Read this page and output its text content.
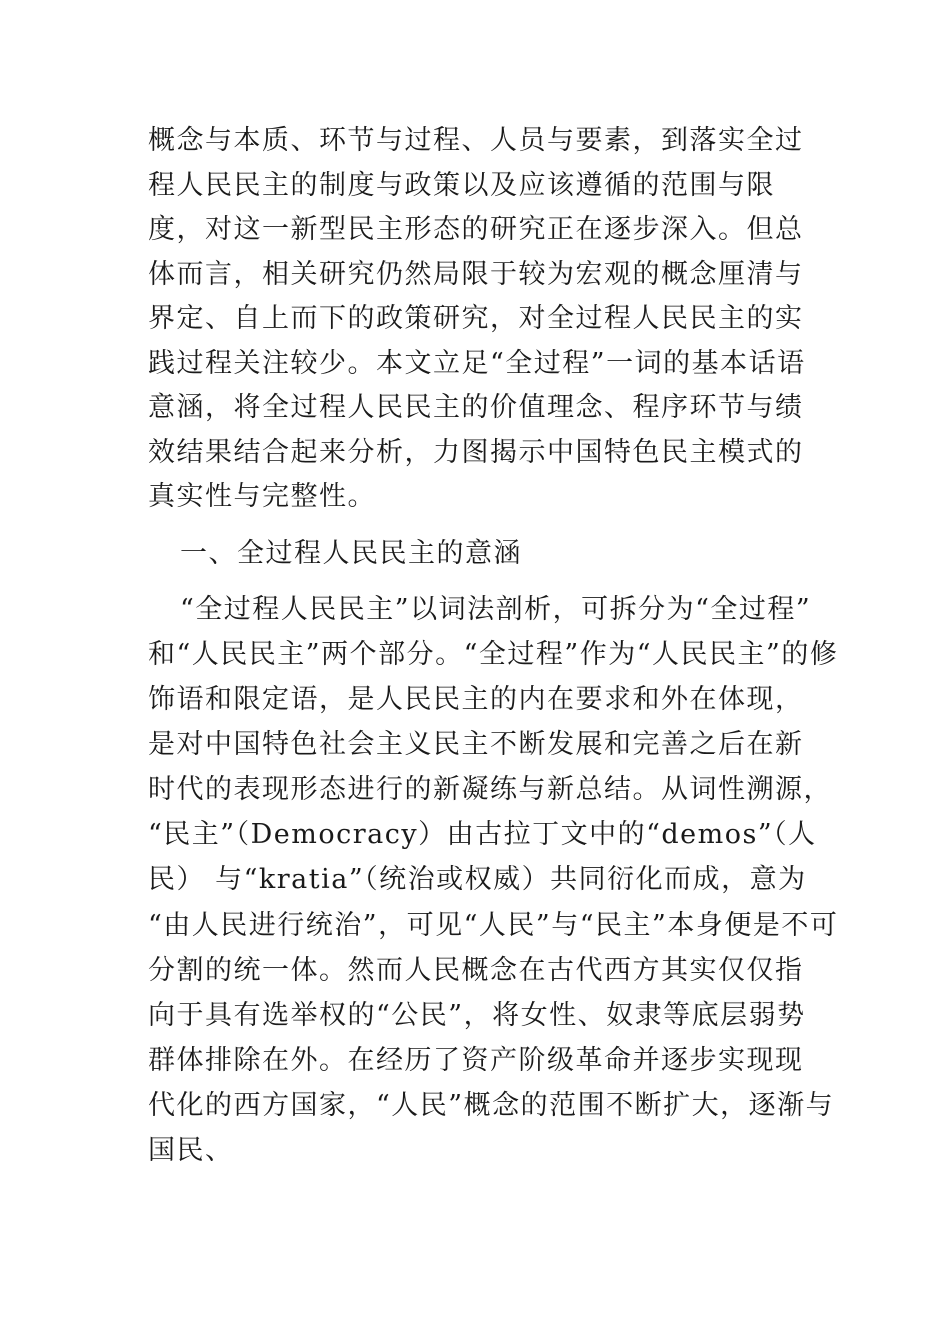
概念与本质、环节与过程、人员与要素，到落实全过
程人民民主的制度与政策以及应该遵循的范围与限
度，对这一新型民主形态的研究正在逐步深入。但总
体而言，相关研究仍然局限于较为宏观的概念厘清与
界定、自上而下的政策研究，对全过程人民民主的实
践过程关注较少。本文立足“全过程”一词的基本话语
意涵，将全过程人民民主的价值理念、程序环节与绩
效结果结合起来分析，力图揭示中国特色民主模式的
真实性与完整性。
一、全过程人民民主的意涵
“全过程人民民主”以词法剖析，可拆分为“全过程”
和“人民民主”两个部分。“全过程”作为“人民民主”的修
饰语和限定语，是人民民主的内在要求和外在体现，
是对中国特色社会主义民主不断发展和完善之后在新
时代的表现形态进行的新凝练与新总结。从词性溯源，
“民主”（Democracy）由古拉丁文中的“demos”（人
民） 与“kratia”（统治或权威）共同衍化而成，意为
“由人民进行统治”，可见“人民”与“民主”本身便是不可
分割的统一体。然而人民概念在古代西方其实仅仅指
向于具有选举权的“公民”，将女性、奴隶等底层弱势
群体排除在外。在经历了资产阶级革命并逐步实现现
代化的西方国家，“人民”概念的范围不断扩大，逐渐与
国民、
